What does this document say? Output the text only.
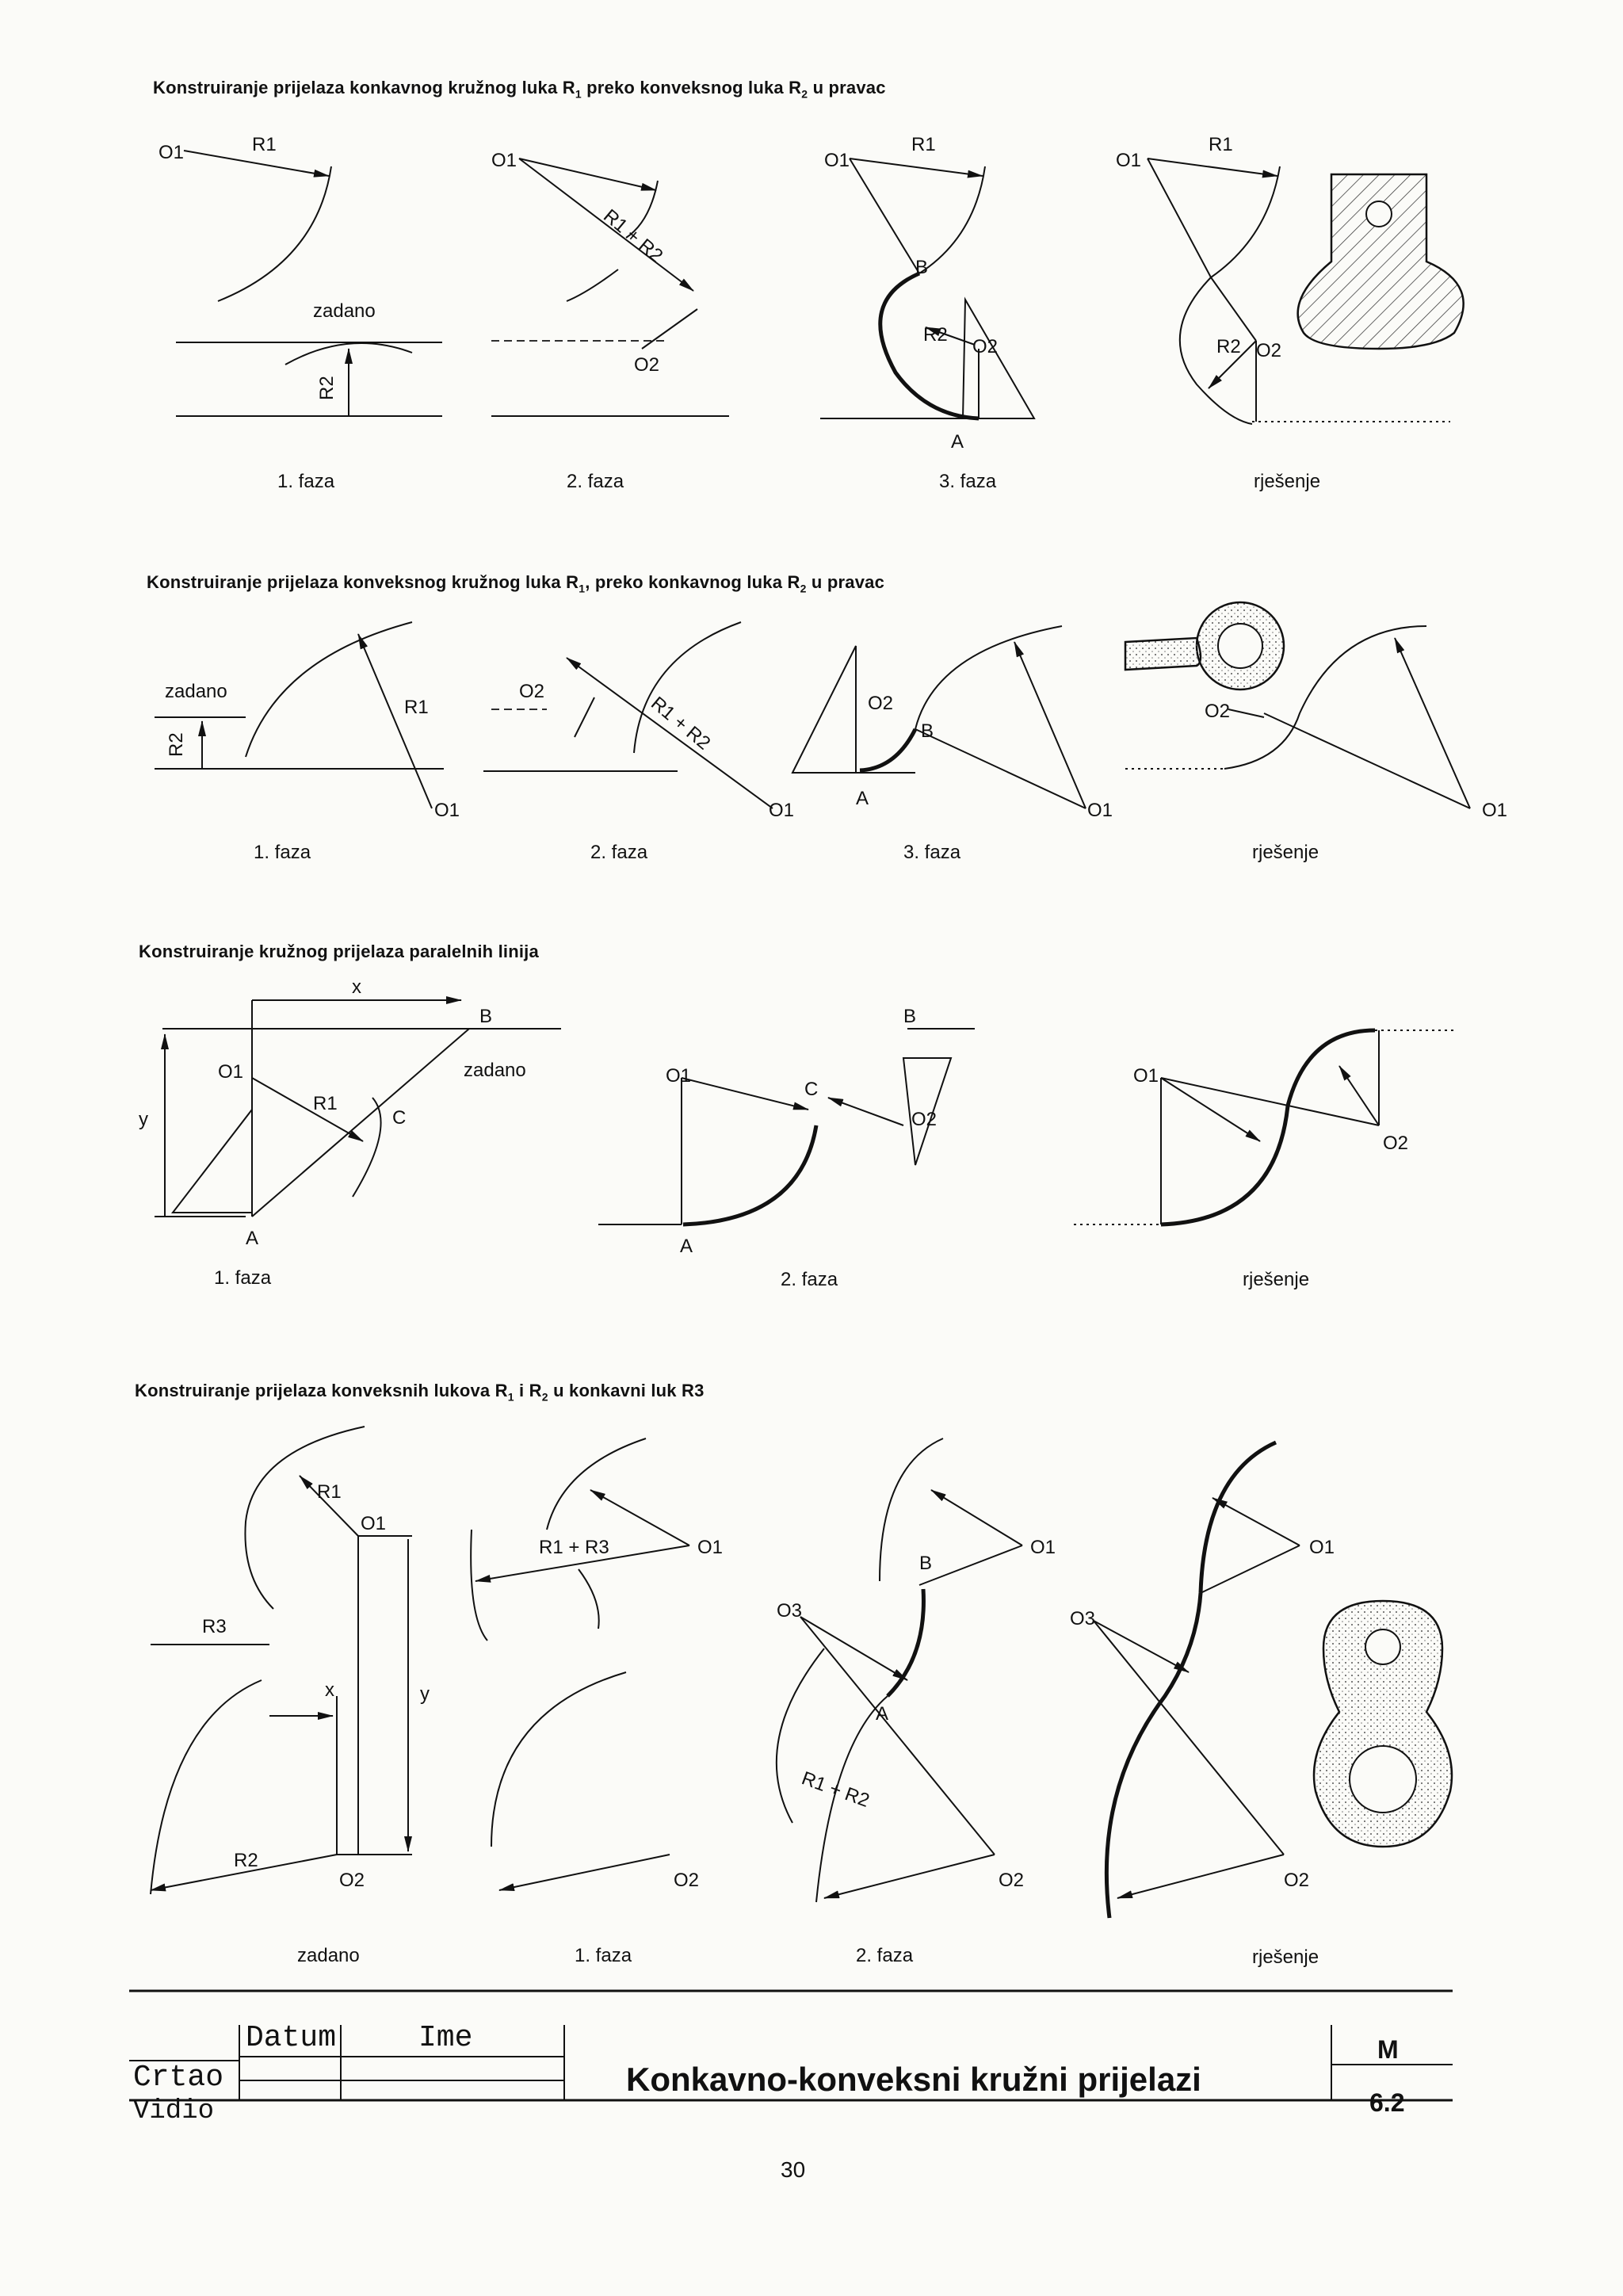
Konstruiranje prijelaza konkavnog kružnog luka $R_1$ preko konveksnog luka $R_2$ u pravac
Konstruiranje prijelaza konveksnog kružnog luka $R_1$, preko konkavnog luka $R_2$ u pravac
Konstruiranje kružnog prijelaza paralelnih linija
Konstruiranje prijelaza konveksnih lukova $R_1$ i $R_2$ u konkavni luk R3
O1	R1
zadano
R2
O1
R1 + R2
O2
O1
R1
B
R2
O2
A
O1
R1
R2 O2
1. faza	2. faza	3. faza	rješenje
zadano
R2
R1
O1
O2
R1 + R2
O1
O2
B
A
O1
O2
O1
1. faza	2. faza	3. faza	rješenje
O1
B
A
C
x
y
R1
zadano	O1
B
C
A
O2
O1
O2
1. faza	2. faza	rješenje
O1
R1
R3
x	y
R2
O2
O1
R1 + R3
O2
O1
O3
B
A
R1 + R2
O2
O1
O3
O2
zadano	1. faza	2. faza	rješenje
Datum	Ime
Crtao
Vidio
Konkavno-konveksni kružni prijelazi
M
6.2
30
